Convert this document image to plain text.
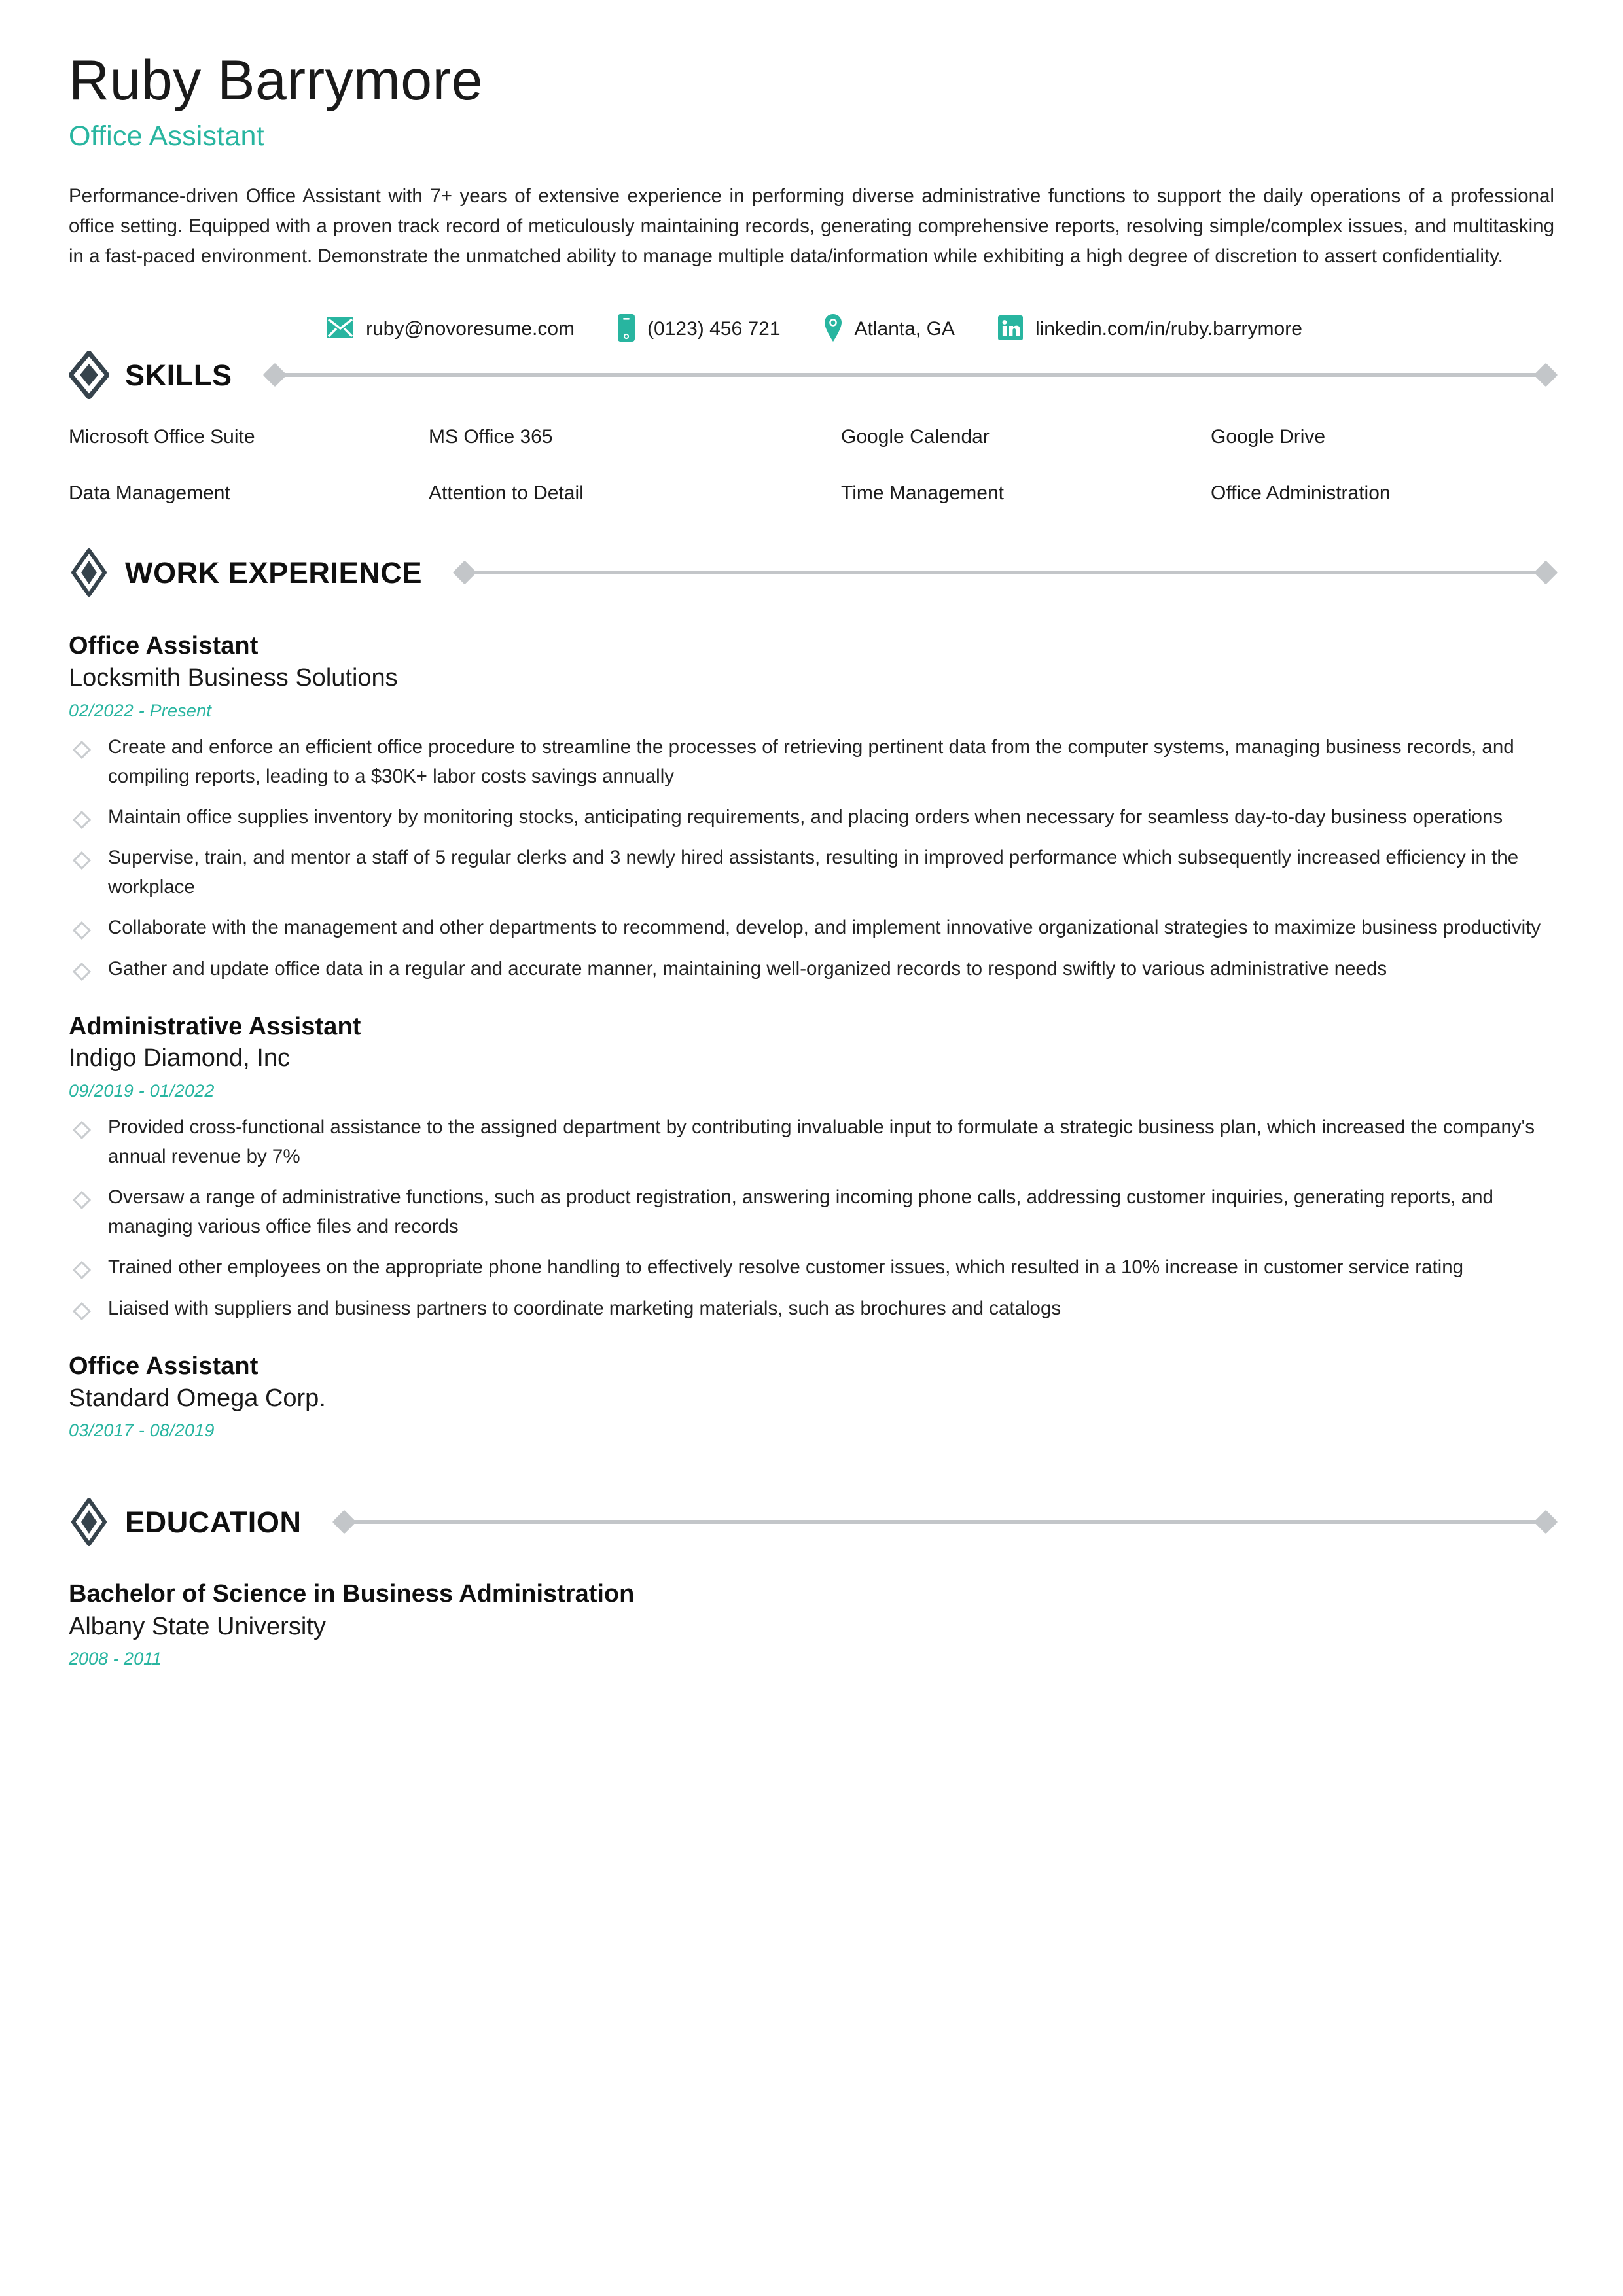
Ruby Barrymore
Office Assistant
Performance-driven Office Assistant with 7+ years of extensive experience in performing diverse administrative functions to support the daily operations of a professional office setting. Equipped with a proven track record of meticulously maintaining records, generating comprehensive reports, resolving simple/complex issues, and multitasking in a fast-paced environment. Demonstrate the unmatched ability to manage multiple data/information while exhibiting a high degree of discretion to assert confidentiality.
ruby@novoresume.com	(0123) 456 721	Atlanta, GA	linkedin.com/in/ruby.barrymore
SKILLS
Microsoft Office Suite	MS Office 365	Google Calendar	Google Drive
Data Management	Attention to Detail	Time Management	Office Administration
WORK EXPERIENCE
Office Assistant
Locksmith Business Solutions
02/2022 - Present
Create and enforce an efficient office procedure to streamline the processes of retrieving pertinent data from the computer systems, managing business records, and compiling reports, leading to a $30K+ labor costs savings annually
Maintain office supplies inventory by monitoring stocks, anticipating requirements, and placing orders when necessary for seamless day-to-day business operations
Supervise, train, and mentor a staff of 5 regular clerks and 3 newly hired assistants, resulting in improved performance which subsequently increased efficiency in the workplace
Collaborate with the management and other departments to recommend, develop, and implement innovative organizational strategies to maximize business productivity
Gather and update office data in a regular and accurate manner, maintaining well-organized records to respond swiftly to various administrative needs
Administrative Assistant
Indigo Diamond, Inc
09/2019 - 01/2022
Provided cross-functional assistance to the assigned department by contributing invaluable input to formulate a strategic business plan, which increased the company's annual revenue by 7%
Oversaw a range of administrative functions, such as product registration, answering incoming phone calls, addressing customer inquiries, generating reports, and managing various office files and records
Trained other employees on the appropriate phone handling to effectively resolve customer issues, which resulted in a 10% increase in customer service rating
Liaised with suppliers and business partners to coordinate marketing materials, such as brochures and catalogs
Office Assistant
Standard Omega Corp.
03/2017 - 08/2019
EDUCATION
Bachelor of Science in Business Administration
Albany State University
2008 - 2011
